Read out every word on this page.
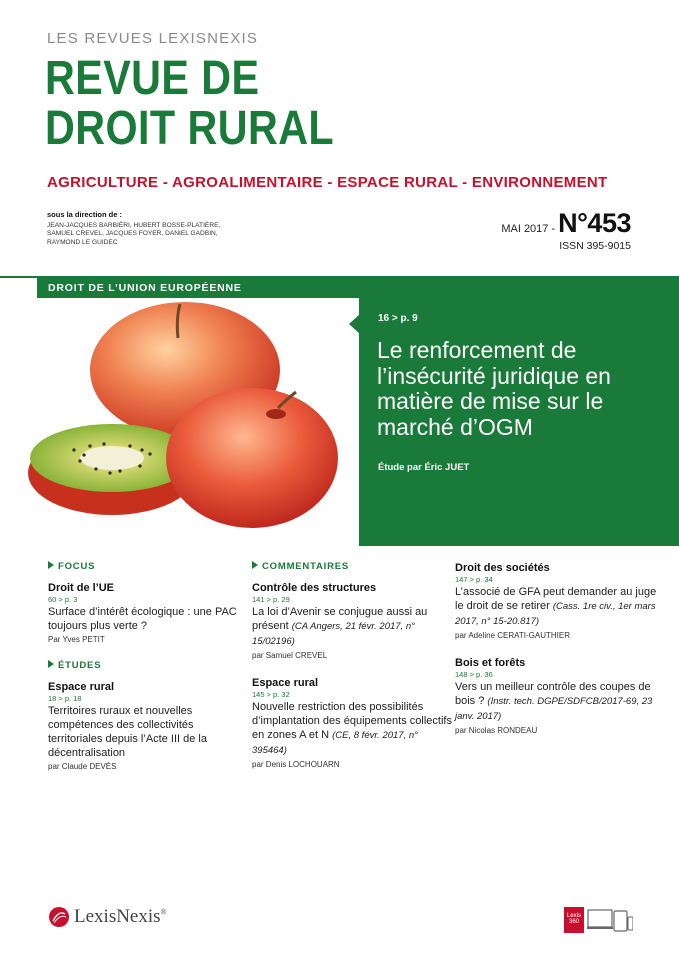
LES REVUES LEXISNEXIS
REVUE DE
DROIT RURAL
AGRICULTURE - AGROALIMENTAIRE - ESPACE RURAL - ENVIRONNEMENT
sous la direction de :
JEAN-JACQUES BARBIÈRI, HUBERT BOSSE-PLATIÈRE, SAMUEL CREVEL, JACQUES FOYER, DANIEL GADBIN, RAYMOND LE GUIDEC
MAI 2017 - N°453
ISSN 395-9015
DROIT DE L’UNION EUROPÉENNE
16 > p. 9
Le renforcement de l’insécurité juridique en matière de mise sur le marché d’OGM
Étude par Éric JUET
FOCUS
Droit de l’UE
60 > p. 3
Surface d’intérêt écologique : une PAC toujours plus verte ?
Par Yves PETIT
ÉTUDES
Espace rural
18 > p. 18
Territoires ruraux et nouvelles compétences des collectivités territoriales depuis l’Acte III de la décentralisation
par Claude DEVÈS
COMMENTAIRES
Contrôle des structures
141 > p. 29
La loi d’Avenir se conjugue aussi au présent (CA Angers, 21 févr. 2017, n° 15/02196)
par Samuel CREVEL
Espace rural
145 > p. 32
Nouvelle restriction des possibilités d’implantation des équipements collectifs en zones A et N (CE, 8 févr. 2017, n° 395464)
par Denis LOCHOUARN
Droit des sociétés
147 > p. 34
L’associé de GFA peut demander au juge le droit de se retirer (Cass. 1re civ., 1er mars 2017, n° 15-20.817)
par Adeline CERATI-GAUTHIER
Bois et forêts
148 > p. 36
Vers un meilleur contrôle des coupes de bois ? (Instr. tech. DGPE/SDFCB/2017-69, 23 janv. 2017)
par Nicolas RONDEAU
LexisNexis®	Lexis 360
